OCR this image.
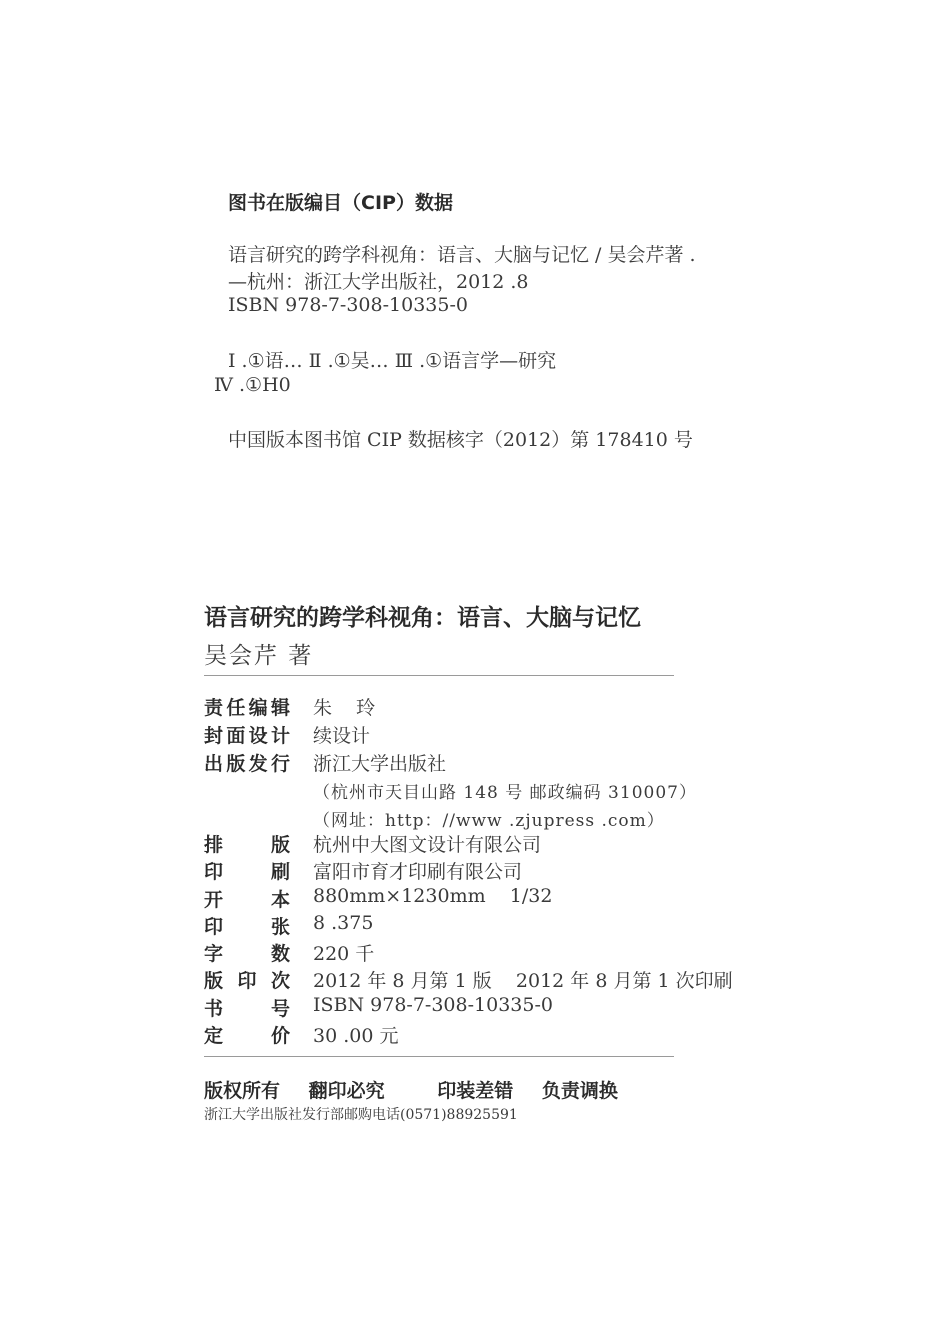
图书在版编目（CIP）数据
语言研究的跨学科视角：语言、大脑与记忆 / 吴会芹著 .
—杭州：浙江大学出版社，2012 .8
ISBN 978-7-308-10335-0
Ⅰ .①语… Ⅱ .①吴… Ⅲ .①语言学—研究
Ⅳ .①H0
中国版本图书馆 CIP 数据核字（2012）第 178410 号
语言研究的跨学科视角：语言、大脑与记忆
吴会芹 著
责任编辑 朱    玲
封面设计 续设计
出版发行 浙江大学出版社
（杭州市天目山路 148 号 邮政编码 310007）
（网址：http：//www .zjupress .com）
排版 杭州中大图文设计有限公司
印刷 富阳市育才印刷有限公司
开本 880mm×1230mm    1/32
印张 8 .375
字数 220 千
版印次 2012 年 8 月第 1 版    2012 年 8 月第 1 次印刷
书号 ISBN 978-7-308-10335-0
定价 30 .00 元
版权所有 翻印必究	印装差错 负责调换
浙江大学出版社发行部邮购电话(0571)88925591
